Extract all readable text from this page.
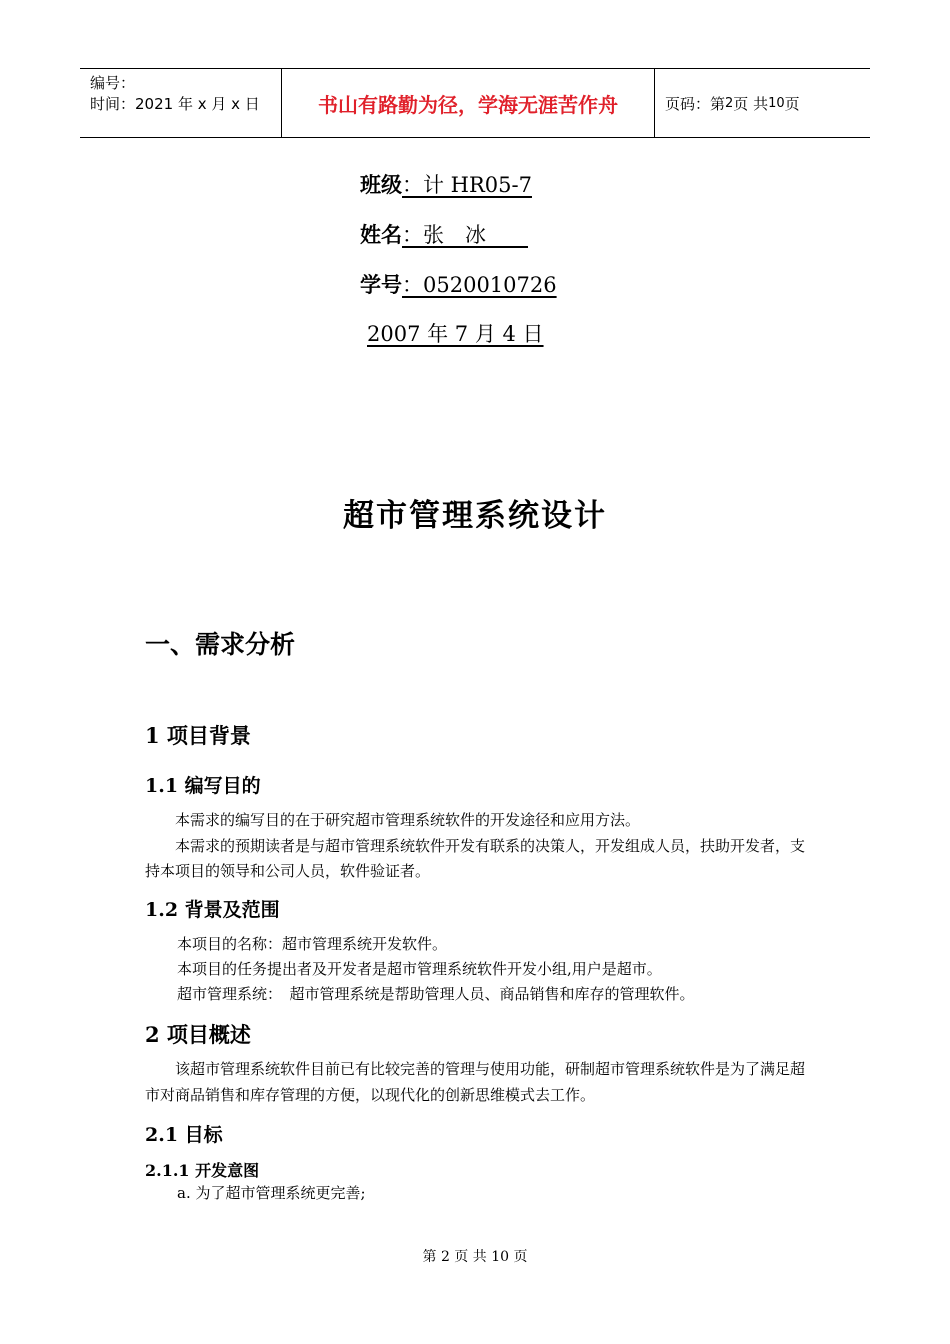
编号：
时间：2021 年 x 月 x 日	书山有路勤为径，学海无涯苦作舟	页码：第 2 页 共 10 页
班级：计 HR05-7
姓名：张　冰　　
学号：0520010726
2007 年 7 月 4 日
超市管理系统设计
一、需求分析
1 项目背景
1.1 编写目的

本需求的编写目的在于研究超市管理系统软件的开发途径和应用方法。

本需求的预期读者是与超市管理系统软件开发有联系的决策人，开发组成人员，扶助开发者，支持本项目的领导和公司人员，软件验证者。

1.2 背景及范围
本项目的名称：超市管理系统开发软件。
本项目的任务提出者及开发者是超市管理系统软件开发小组,用户是超市。
超市管理系统：　超市管理系统是帮助管理人员、商品销售和库存的管理软件。
2 项目概述

该超市管理系统软件目前已有比较完善的管理与使用功能，研制超市管理系统软件是为了满足超市对商品销售和库存管理的方便，以现代化的创新思维模式去工作。

2.1 目标
2.1.1 开发意图
a. 为了超市管理系统更完善;
第 2 页 共 10 页
